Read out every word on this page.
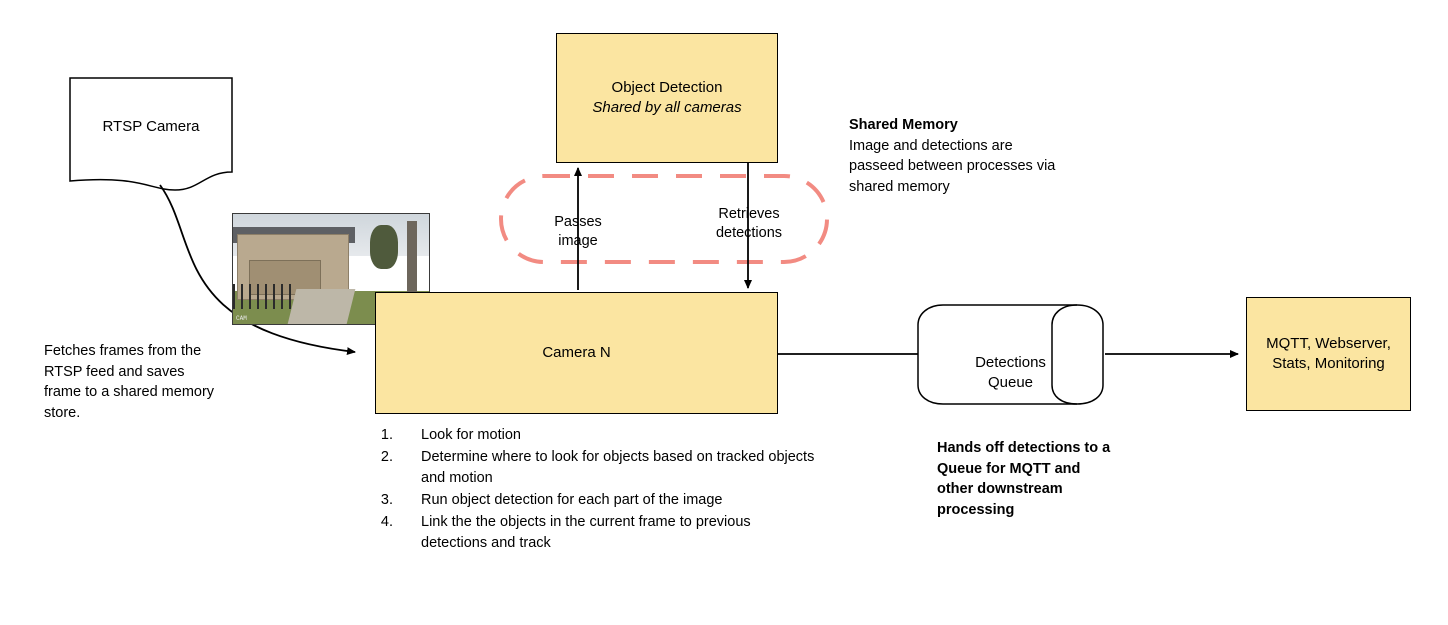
RTSP Camera
Object Detection
Shared by all cameras
Shared Memory
Image and detections are passeed between processes via shared memory
Passes
image
Retrieves
detections
CAM
Camera N
1. Look for motion
2. Determine where to look for objects based on tracked objects and motion
3. Run object detection for each part of the image
4. Link the the objects in the current frame to previous detections and track
Fetches frames from the RTSP feed and saves frame to a shared memory store.
Detections
Queue
Hands off detections to a Queue for MQTT and other downstream processing
MQTT, Webserver,
Stats, Monitoring
